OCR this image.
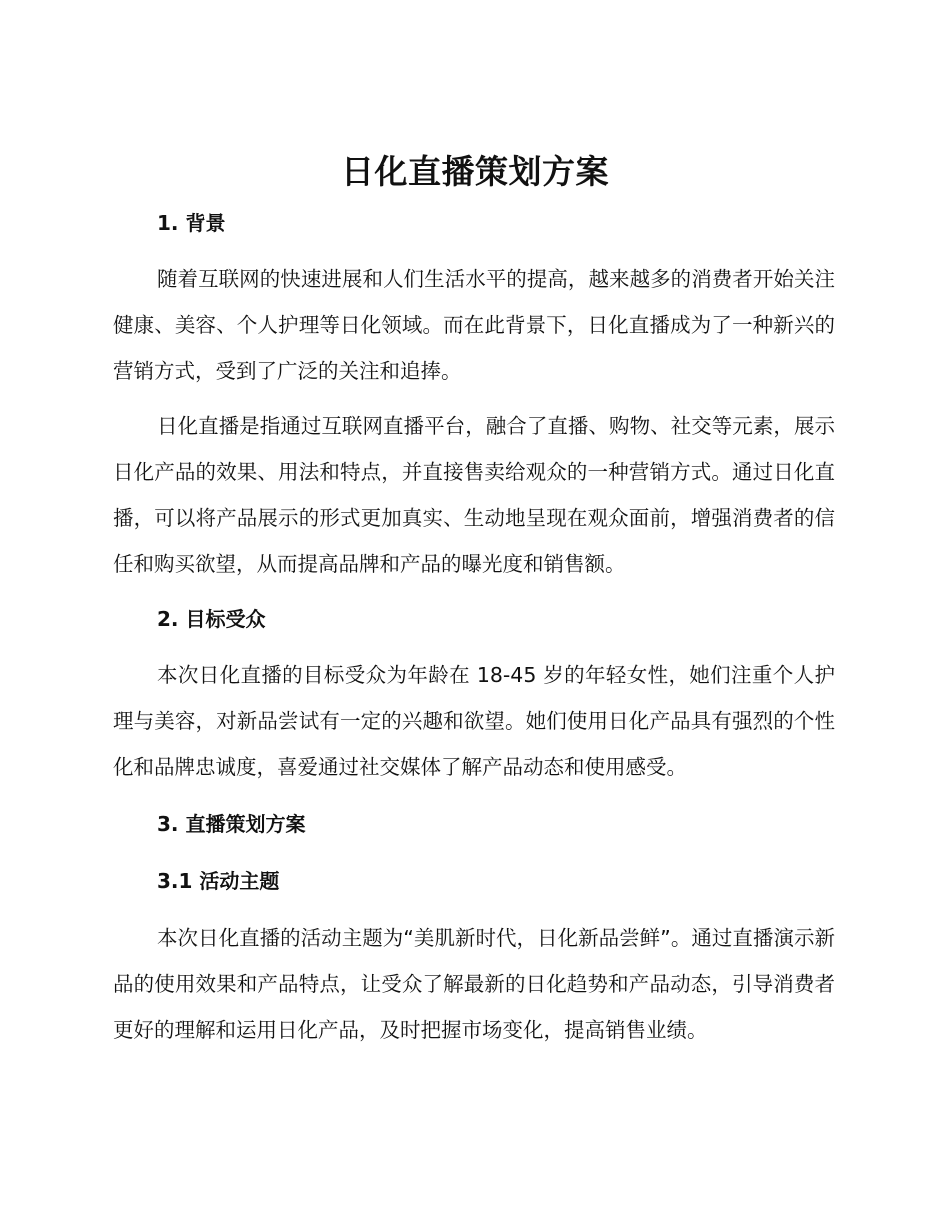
日化直播策划方案
1. 背景

随着互联网的快速进展和人们生活水平的提高，越来越多的消费者开始关注健康、美容、个人护理等日化领域。而在此背景下，日化直播成为了一种新兴的营销方式，受到了广泛的关注和追捧。

日化直播是指通过互联网直播平台，融合了直播、购物、社交等元素，展示日化产品的效果、用法和特点，并直接售卖给观众的一种营销方式。通过日化直播，可以将产品展示的形式更加真实、生动地呈现在观众面前，增强消费者的信任和购买欲望，从而提高品牌和产品的曝光度和销售额。

2. 目标受众

本次日化直播的目标受众为年龄在 18-45 岁的年轻女性，她们注重个人护理与美容，对新品尝试有一定的兴趣和欲望。她们使用日化产品具有强烈的个性化和品牌忠诚度，喜爱通过社交媒体了解产品动态和使用感受。

3. 直播策划方案
3.1 活动主题

本次日化直播的活动主题为“美肌新时代，日化新品尝鲜”。通过直播演示新品的使用效果和产品特点，让受众了解最新的日化趋势和产品动态，引导消费者更好的理解和运用日化产品，及时把握市场变化，提高销售业绩。
